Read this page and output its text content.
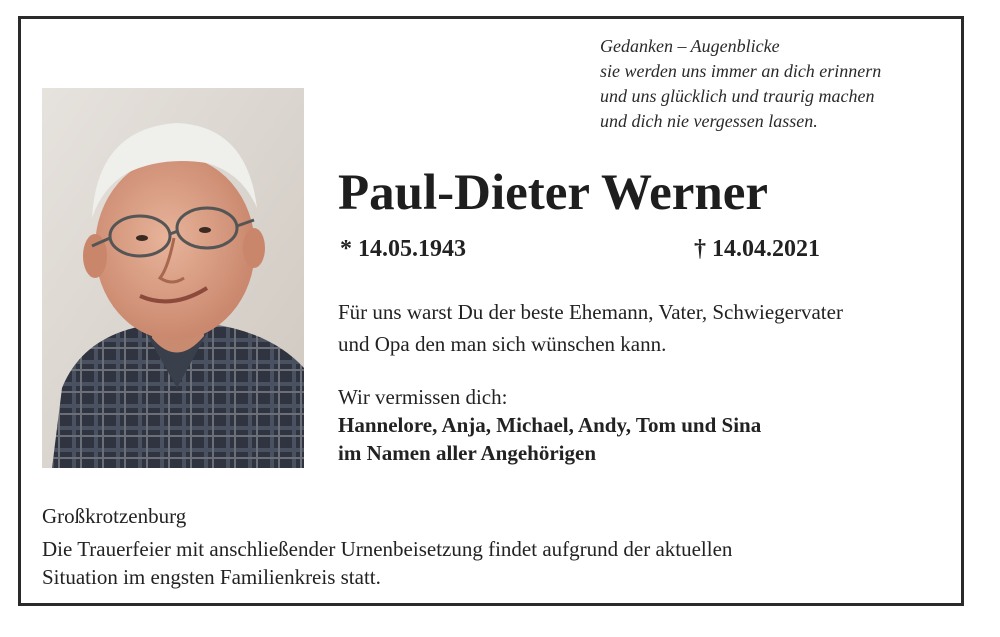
Gedanken – Augenblicke
sie werden uns immer an dich erinnern
und uns glücklich und traurig machen
und dich nie vergessen lassen.
Paul-Dieter Werner
* 14.05.1943	† 14.04.2021
Für uns warst Du der beste Ehemann, Vater, Schwiegervater
und Opa den man sich wünschen kann.
Wir vermissen dich:
Hannelore, Anja, Michael, Andy, Tom und Sina
im Namen aller Angehörigen
Großkrotzenburg
Die Trauerfeier mit anschließender Urnenbeisetzung findet aufgrund der aktuellen
Situation im engsten Familienkreis statt.
